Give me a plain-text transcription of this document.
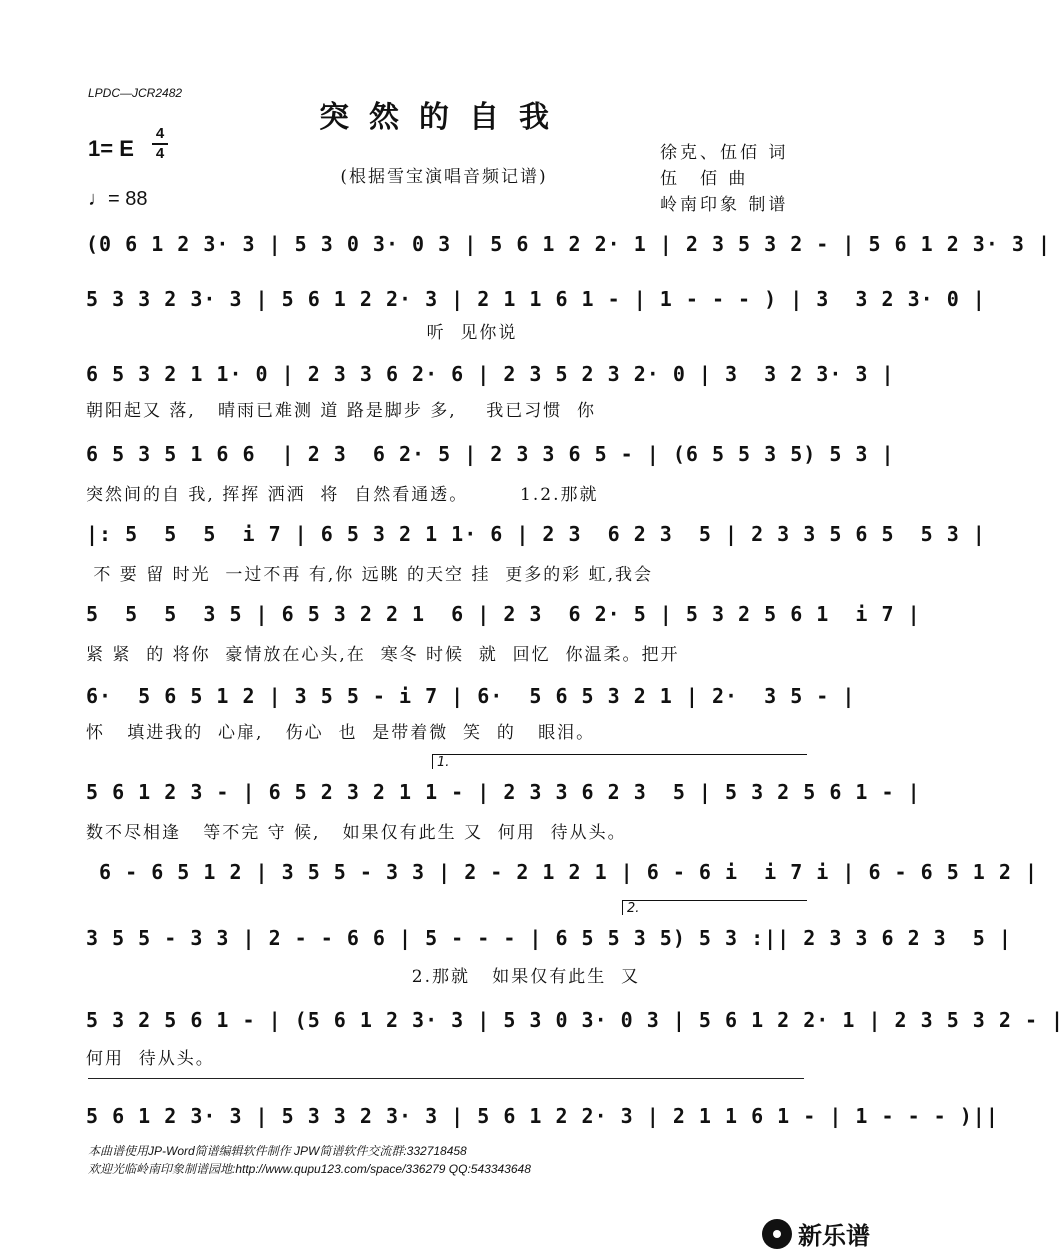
LPDC—JCR2482
突然的自我
1= E
4
4
(根据雪宝演唱音频记谱)
♩= 88
徐克、伍佰 词
伍　佰 曲
岭南印象 制谱
(0 6 1 2 3· 3 | 5 3 0 3· 0 3 | 5 6 1 2 2· 1 | 2 3 5 3 2 - | 5 6 1 2 3· 3 |
5 3 3 2 3· 3 | 5 6 1 2 2· 3 | 2 1 1 6 1 - | 1 - - - ) | 3  3 2 3· 0 |
听  见你说
6 5 3 2 1 1· 0 | 2 3 3 6 2· 6 | 2 3 5 2 3 2· 0 | 3  3 2 3· 3 |
朝阳起又 落,   晴雨已难测 道 路是脚步 多,    我已习惯  你
6 5 3 5 1 6 6  | 2 3  6 2· 5 | 2 3 3 6 5 - | (6 5 5 3 5) 5 3 |
突然间的自 我, 挥挥 洒洒  将  自然看通透。       1.2.那就
|: 5  5  5  i 7 | 6 5 3 2 1 1· 6 | 2 3  6 2 3  5 | 2 3 3 5 6 5  5 3 |
不 要 留 时光  一过不再 有,你 远眺 的天空 挂  更多的彩 虹,我会
5  5  5  3 5 | 6 5 3 2 2 1  6 | 2 3  6 2· 5 | 5 3 2 5 6 1  i 7 |
紧 紧  的 将你  豪情放在心头,在  寒冬 时候  就  回忆  你温柔。把开
6·  5 6 5 1 2 | 3 5 5 - i 7 | 6·  5 6 5 3 2 1 | 2·  3 5 - |
怀   填进我的  心扉,   伤心  也  是带着微  笑  的   眼泪。
1.
5 6 1 2 3 - | 6 5 2 3 2 1 1 - | 2 3 3 6 2 3  5 | 5 3 2 5 6 1 - |
数不尽相逢   等不完 守 候,   如果仅有此生 又  何用  待从头。
6 - 6 5 1 2 | 3 5 5 - 3 3 | 2 - 2 1 2 1 | 6 - 6 i  i 7 i | 6 - 6 5 1 2 |
2.
3 5 5 - 3 3 | 2 - - 6 6 | 5 - - - | 6 5 5 3 5) 5 3 :|| 2 3 3 6 2 3  5 |
2.那就   如果仅有此生  又
5 3 2 5 6 1 - | (5 6 1 2 3· 3 | 5 3 0 3· 0 3 | 5 6 1 2 2· 1 | 2 3 5 3 2 - |
何用  待从头。
5 6 1 2 3· 3 | 5 3 3 2 3· 3 | 5 6 1 2 2· 3 | 2 1 1 6 1 - | 1 - - - )||
本曲谱使用JP-Word简谱编辑软件制作 JPW简谱软件交流群:332718458
欢迎光临岭南印象制谱园地:http://www.qupu123.com/space/336279 QQ:543343648
新乐谱
